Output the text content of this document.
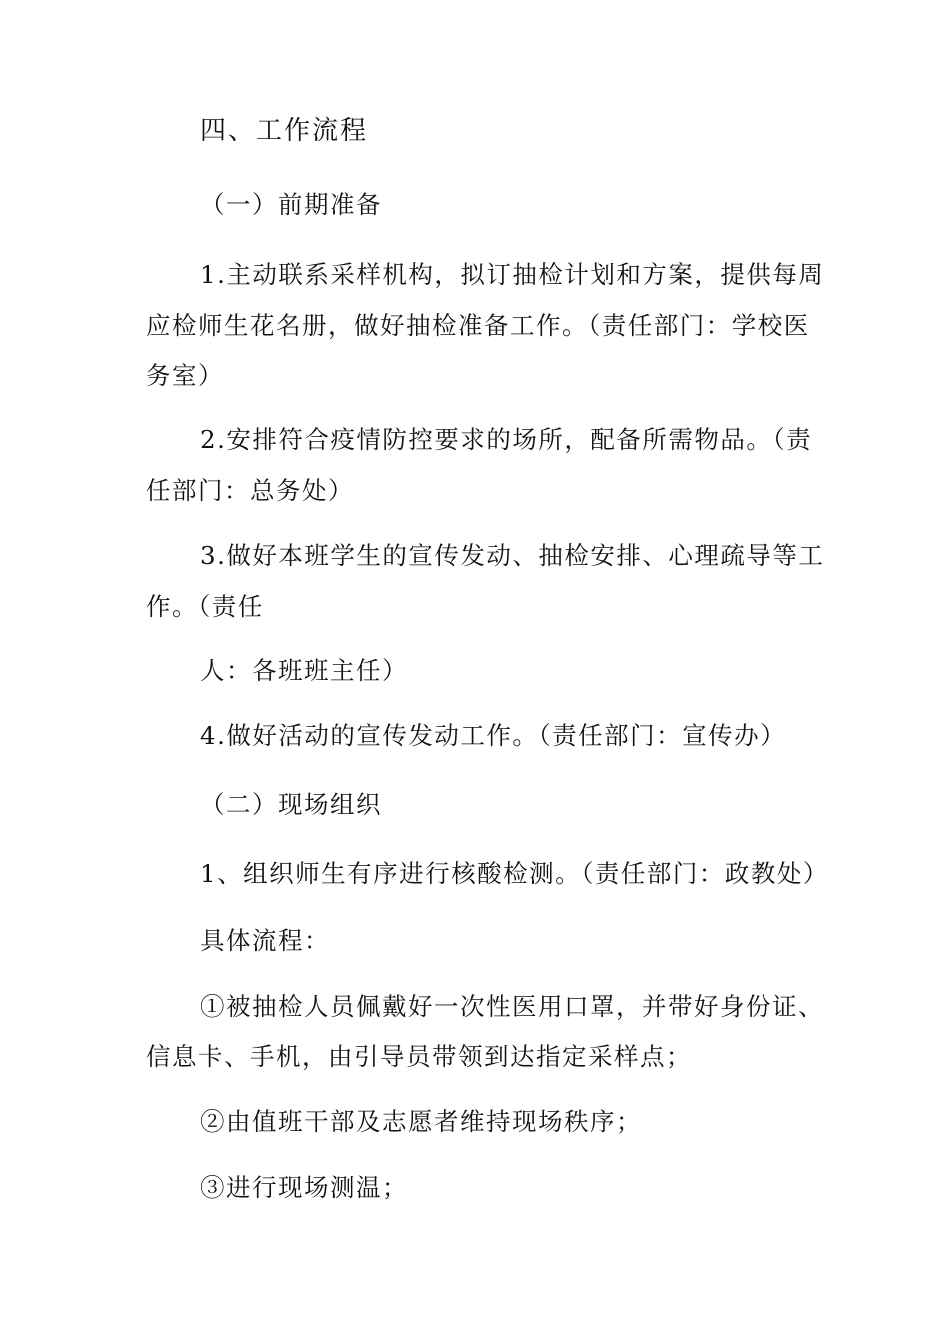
四、工作流程

（一）前期准备

1.主动联系采样机构，拟订抽检计划和方案，提供每周

应检师生花名册，做好抽检准备工作。（责任部门：学校医

务室）

2.安排符合疫情防控要求的场所，配备所需物品。（责

任部门：总务处）

3.做好本班学生的宣传发动、抽检安排、心理疏导等工

作。（责任

人：各班班主任）

4.做好活动的宣传发动工作。（责任部门：宣传办）

（二）现场组织

1、组织师生有序进行核酸检测。（责任部门：政教处）

具体流程：

①被抽检人员佩戴好一次性医用口罩，并带好身份证、

信息卡、手机，由引导员带领到达指定采样点；

②由值班干部及志愿者维持现场秩序；

③进行现场测温；
